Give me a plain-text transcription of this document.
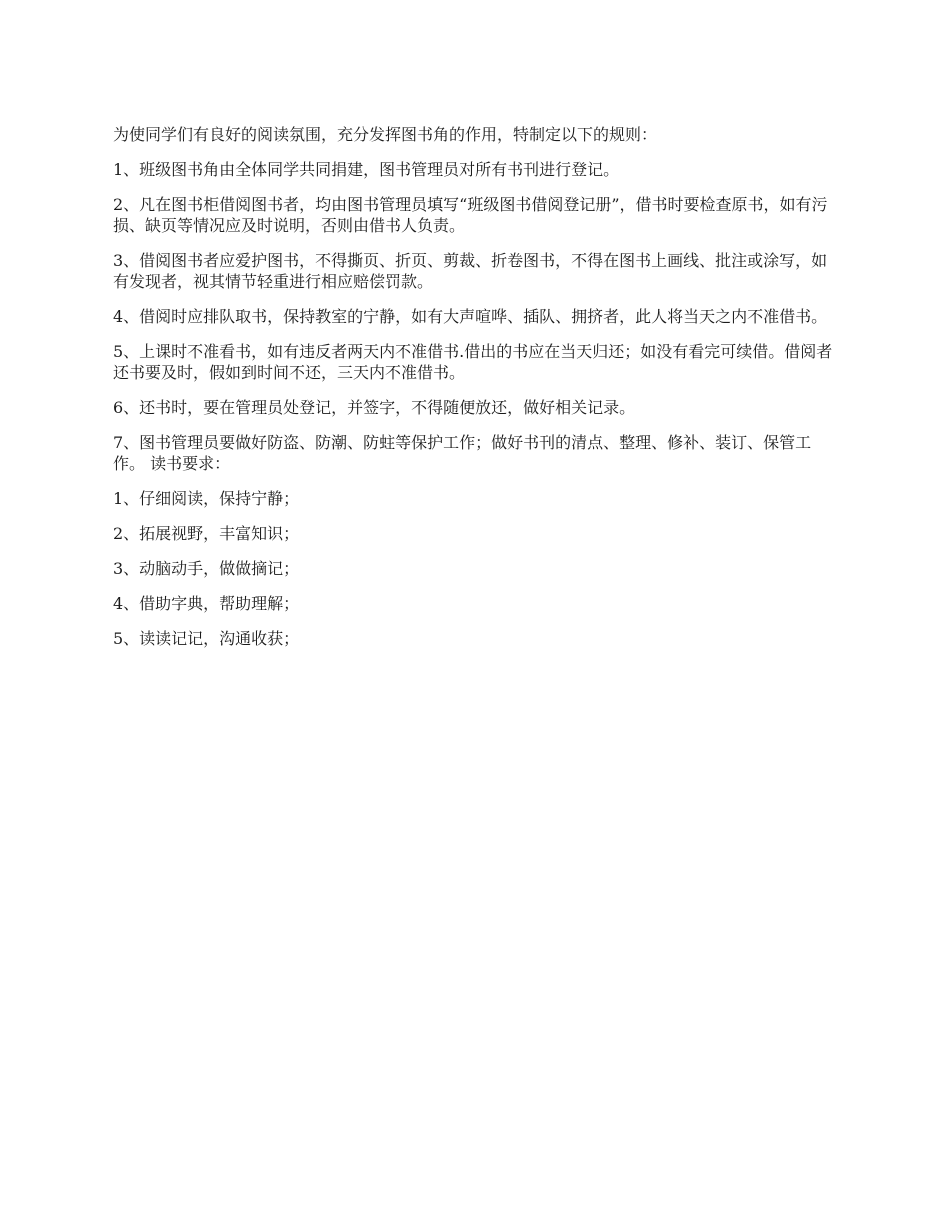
为使同学们有良好的阅读氛围，充分发挥图书角的作用，特制定以下的规则：

1、班级图书角由全体同学共同捐建，图书管理员对所有书刊进行登记。

2、凡在图书柜借阅图书者，均由图书管理员填写“班级图书借阅登记册”，借书时要检查原书，如有污损、缺页等情况应及时说明，否则由借书人负责。

3、借阅图书者应爱护图书，不得撕页、折页、剪裁、折卷图书，不得在图书上画线、批注或涂写，如有发现者，视其情节轻重进行相应赔偿罚款。

4、借阅时应排队取书，保持教室的宁静，如有大声喧哗、插队、拥挤者，此人将当天之内不准借书。

5、上课时不准看书，如有违反者两天内不准借书.借出的书应在当天归还；如没有看完可续借。借阅者还书要及时，假如到时间不还，三天内不准借书。

6、还书时，要在管理员处登记，并签字，不得随便放还，做好相关记录。

7、图书管理员要做好防盗、防潮、防蛀等保护工作；做好书刊的清点、整理、修补、装订、保管工作。 读书要求：

1、仔细阅读，保持宁静；

2、拓展视野，丰富知识；

3、动脑动手，做做摘记；

4、借助字典，帮助理解；

5、读读记记，沟通收获；
